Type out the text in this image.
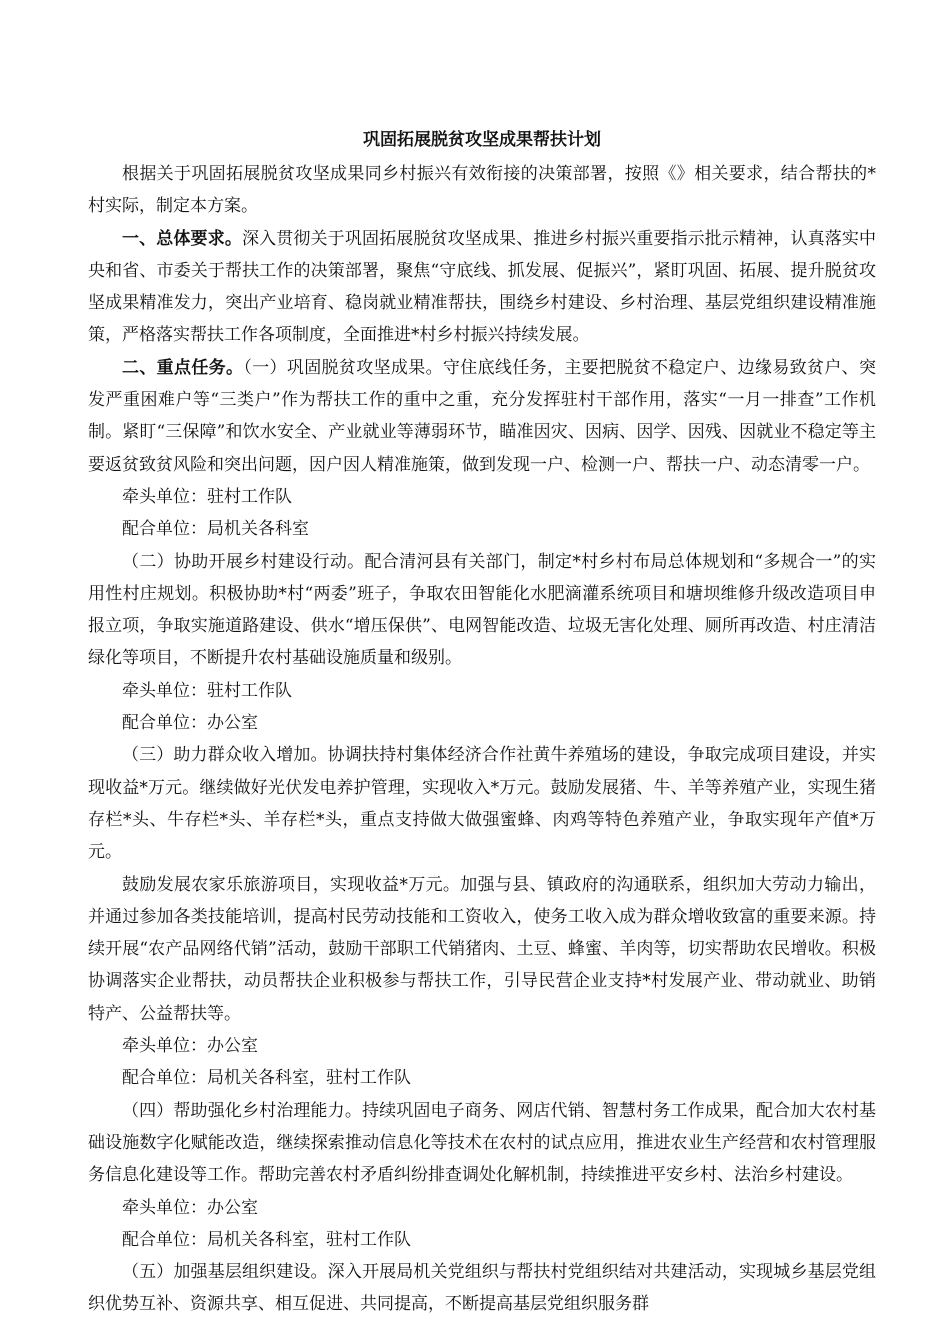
巩固拓展脱贫攻坚成果帮扶计划

根据关于巩固拓展脱贫攻坚成果同乡村振兴有效衔接的决策部署，按照《》相关要求，结合帮扶的*村实际，制定本方案。

一、总体要求。深入贯彻关于巩固拓展脱贫攻坚成果、推进乡村振兴重要指示批示精神，认真落实中央和省、市委关于帮扶工作的决策部署，聚焦“守底线、抓发展、促振兴”，紧盯巩固、拓展、提升脱贫攻坚成果精准发力，突出产业培育、稳岗就业精准帮扶，围绕乡村建设、乡村治理、基层党组织建设精准施策，严格落实帮扶工作各项制度，全面推进*村乡村振兴持续发展。

二、重点任务。（一）巩固脱贫攻坚成果。守住底线任务，主要把脱贫不稳定户、边缘易致贫户、突发严重困难户等“三类户”作为帮扶工作的重中之重，充分发挥驻村干部作用，落实“一月一排查”工作机制。紧盯“三保障”和饮水安全、产业就业等薄弱环节，瞄准因灾、因病、因学、因残、因就业不稳定等主要返贫致贫风险和突出问题，因户因人精准施策，做到发现一户、检测一户、帮扶一户、动态清零一户。

牵头单位：驻村工作队

配合单位：局机关各科室

（二）协助开展乡村建设行动。配合清河县有关部门，制定*村乡村布局总体规划和“多规合一”的实用性村庄规划。积极协助*村“两委”班子，争取农田智能化水肥滴灌系统项目和塘坝维修升级改造项目申报立项，争取实施道路建设、供水“增压保供”、电网智能改造、垃圾无害化处理、厕所再改造、村庄清洁绿化等项目，不断提升农村基础设施质量和级别。

牵头单位：驻村工作队

配合单位：办公室

（三）助力群众收入增加。协调扶持村集体经济合作社黄牛养殖场的建设，争取完成项目建设，并实现收益*万元。继续做好光伏发电养护管理，实现收入*万元。鼓励发展猪、牛、羊等养殖产业，实现生猪存栏*头、牛存栏*头、羊存栏*头，重点支持做大做强蜜蜂、肉鸡等特色养殖产业，争取实现年产值*万元。

鼓励发展农家乐旅游项目，实现收益*万元。加强与县、镇政府的沟通联系，组织加大劳动力输出，并通过参加各类技能培训，提高村民劳动技能和工资收入，使务工收入成为群众增收致富的重要来源。持续开展“农产品网络代销”活动，鼓励干部职工代销猪肉、土豆、蜂蜜、羊肉等，切实帮助农民增收。积极协调落实企业帮扶，动员帮扶企业积极参与帮扶工作，引导民营企业支持*村发展产业、带动就业、助销特产、公益帮扶等。

牵头单位：办公室

配合单位：局机关各科室，驻村工作队

（四）帮助强化乡村治理能力。持续巩固电子商务、网店代销、智慧村务工作成果，配合加大农村基础设施数字化赋能改造，继续探索推动信息化等技术在农村的试点应用，推进农业生产经营和农村管理服务信息化建设等工作。帮助完善农村矛盾纠纷排查调处化解机制，持续推进平安乡村、法治乡村建设。

牵头单位：办公室

配合单位：局机关各科室，驻村工作队

（五）加强基层组织建设。深入开展局机关党组织与帮扶村党组织结对共建活动，实现城乡基层党组织优势互补、资源共享、相互促进、共同提高，不断提高基层党组织服务群
